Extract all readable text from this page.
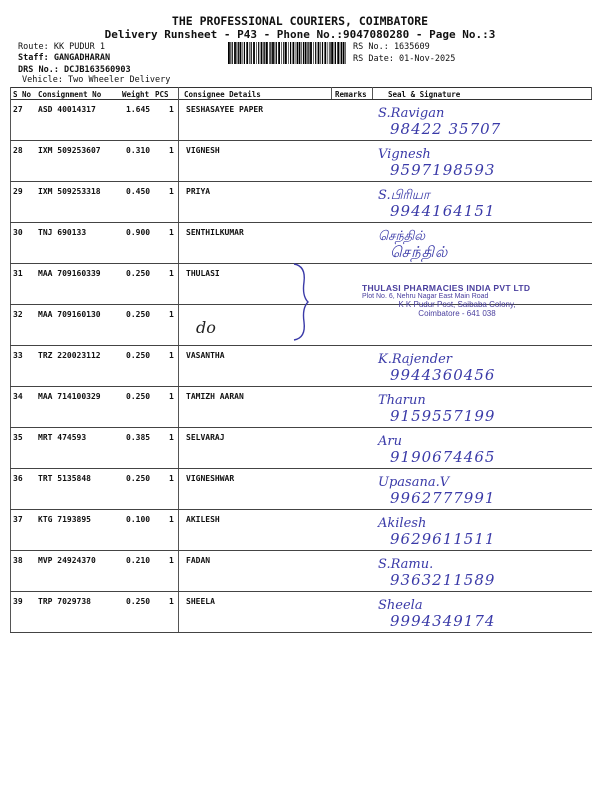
THE PROFESSIONAL COURIERS, COIMBATORE
Delivery Runsheet - P43 - Phone No.:9047080280 - Page No.:3
Route: KK PUDUR 1
Staff: GANGADHARAN
DRS No.: DCJB163560903
Vehicle: Two Wheeler Delivery
RS No.: 1635609
RS Date: 01-Nov-2025
S No Consignment No	Weight PCS Consignee Details	Remarks	Seal & Signature
27 ASD 40014317	1.645 1 SESHASAYEE PAPER	S.Ravigan
98422 35707
28 IXM 509253607	0.310 1 VIGNESH	Vignesh
9597198593
29 IXM 509253318	0.450 1 PRIYA	S.பிரியா
9944164151
30 TNJ 690133	0.900 1 SENTHILKUMAR	செந்தில்
செந்தில்
31 MAA 709160339	0.250 1 THULASI
32 MAA 709160130	0.250 1
33 TRZ 220023112	0.250 1 VASANTHA	K.Rajender
9944360456
34 MAA 714100329	0.250 1 TAMIZH AARAN	Tharun
9159557199
35 MRT 474593	0.385 1 SELVARAJ	Aru
9190674465
36 TRT 5135848	0.250 1 VIGNESHWAR	Upasana.V
9962777991
37 KTG 7193895	0.100 1 AKILESH	Akilesh
9629611511
38 MVP 24924370	0.210 1 FADAN	S.Ramu.
9363211589
39 TRP 7029738	0.250 1 SHEELA	Sheela
9994349174
do
THULASI PHARMACIES INDIA PVT LTD
Plot No. 6, Nehru Nagar East Main Road
K K Pudur Post, Saibaba Colony,
Coimbatore - 641 038
